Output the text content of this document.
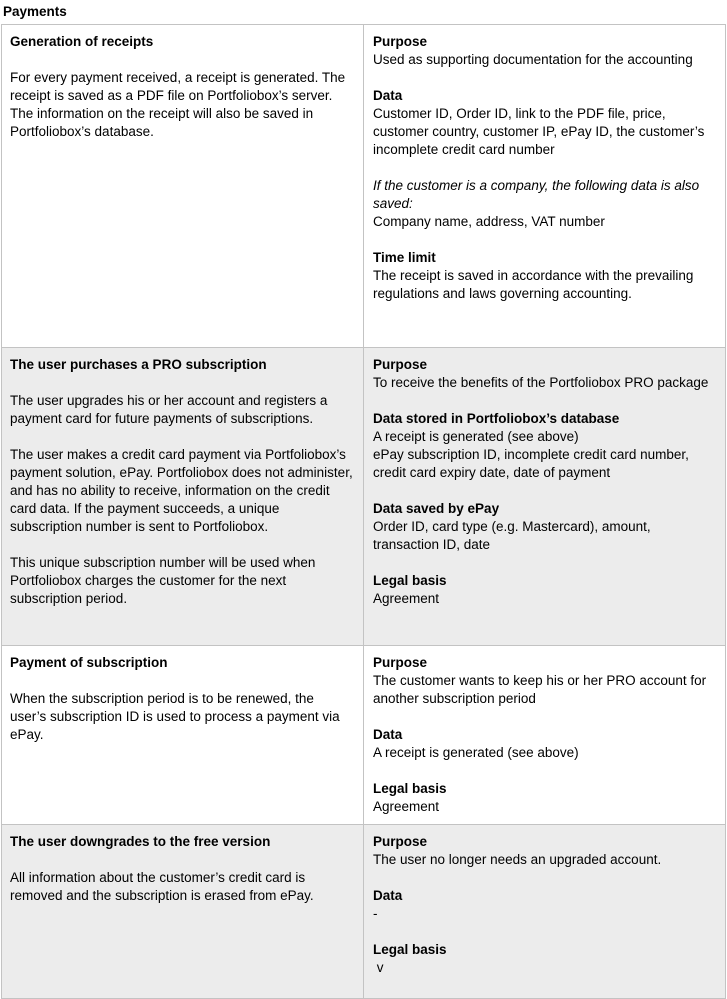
Payments
Generation of receipts
For every payment received, a receipt is generated. The receipt is saved as a PDF file on Portfoliobox’s server. The information on the receipt will also be saved in Portfoliobox’s database.
Purpose
Used as supporting documentation for the accounting
Data
Customer ID, Order ID, link to the PDF file, price, customer country, customer IP, ePay ID, the customer’s incomplete credit card number
If the customer is a company, the following data is also saved:
Company name, address, VAT number
Time limit
The receipt is saved in accordance with the prevailing regulations and laws governing accounting.
The user purchases a PRO subscription
The user upgrades his or her account and registers a payment card for future payments of subscriptions.
The user makes a credit card payment via Portfoliobox’s payment solution, ePay. Portfoliobox does not administer, and has no ability to receive, information on the credit card data. If the payment succeeds, a unique subscription number is sent to Portfoliobox.
This unique subscription number will be used when Portfoliobox charges the customer for the next subscription period.
Purpose
To receive the benefits of the Portfoliobox PRO package
Data stored in Portfoliobox’s database
A receipt is generated (see above)
ePay subscription ID, incomplete credit card number, credit card expiry date, date of payment
Data saved by ePay
Order ID, card type (e.g. Mastercard), amount, transaction ID, date
Legal basis
Agreement
Payment of subscription
When the subscription period is to be renewed, the user’s subscription ID is used to process a payment via ePay.
Purpose
The customer wants to keep his or her PRO account for another subscription period
Data
A receipt is generated (see above)
Legal basis
Agreement
The user downgrades to the free version
All information about the customer’s credit card is removed and the subscription is erased from ePay.
Purpose
The user no longer needs an upgraded account.
Data
-
Legal basis
v
